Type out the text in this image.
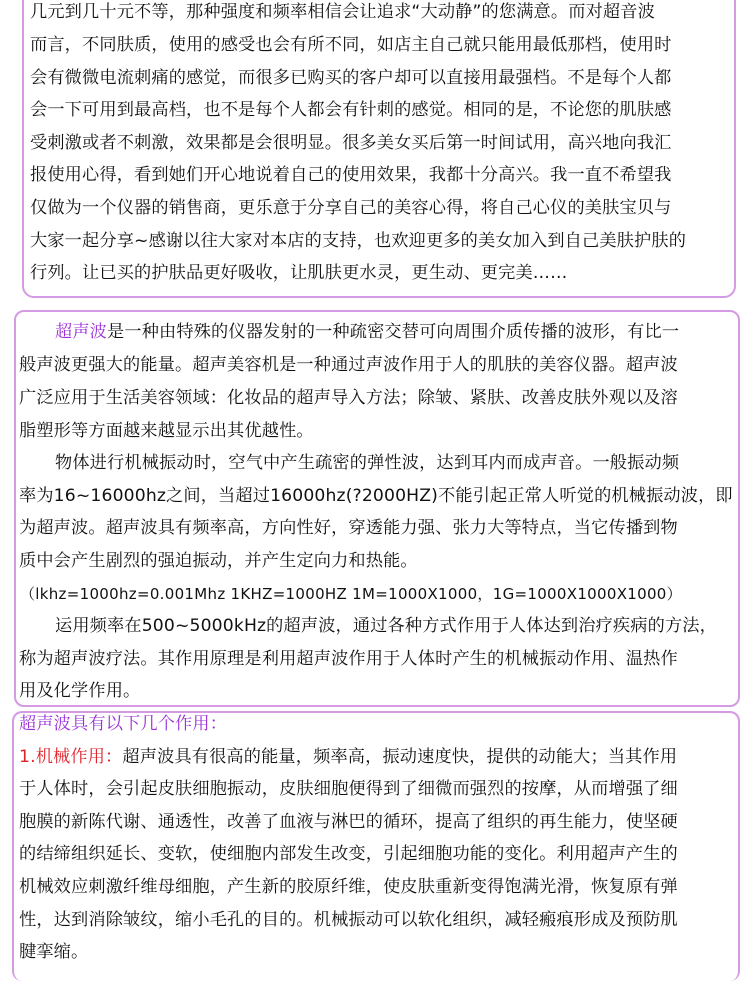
几元到几十元不等，那种强度和频率相信会让追求“大动静”的您满意。而对超音波
而言，不同肤质，使用的感受也会有所不同，如店主自己就只能用最低那档，使用时
会有微微电流刺痛的感觉，而很多已购买的客户却可以直接用最强档。不是每个人都
会一下可用到最高档，也不是每个人都会有针刺的感觉。相同的是，不论您的肌肤感
受刺激或者不刺激，效果都是会很明显。很多美女买后第一时间试用，高兴地向我汇
报使用心得，看到她们开心地说着自己的使用效果，我都十分高兴。我一直不希望我
仅做为一个仪器的销售商，更乐意于分享自己的美容心得，将自己心仪的美肤宝贝与
大家一起分享~感谢以往大家对本店的支持，也欢迎更多的美女加入到自己美肤护肤的
行列。让已买的护肤品更好吸收，让肌肤更水灵，更生动、更完美……
超声波是一种由特殊的仪器发射的一种疏密交替可向周围介质传播的波形，有比一
般声波更强大的能量。超声美容机是一种通过声波作用于人的肌肤的美容仪器。超声波
广泛应用于生活美容领域：化妆品的超声导入方法；除皱、紧肤、改善皮肤外观以及溶
脂塑形等方面越来越显示出其优越性。
物体进行机械振动时，空气中产生疏密的弹性波，达到耳内而成声音。一般振动频
率为16~16000hz之间，当超过16000hz(?2000HZ)不能引起正常人听觉的机械振动波，即
为超声波。超声波具有频率高，方向性好，穿透能力强、张力大等特点，当它传播到物
质中会产生剧烈的强迫振动，并产生定向力和热能。
（lkhz=1000hz=0.001Mhz 1KHZ=1000HZ 1M=1000X1000，1G=1000X1000X1000）
运用频率在500~5000kHz的超声波，通过各种方式作用于人体达到治疗疾病的方法，
称为超声波疗法。其作用原理是利用超声波作用于人体时产生的机械振动作用、温热作
用及化学作用。
超声波具有以下几个作用：
1.机械作用：超声波具有很高的能量，频率高，振动速度快，提供的动能大；当其作用
于人体时，会引起皮肤细胞振动，皮肤细胞便得到了细微而强烈的按摩，从而增强了细
胞膜的新陈代谢、通透性，改善了血液与淋巴的循环，提高了组织的再生能力，使坚硬
的结缔组织延长、变软，使细胞内部发生改变，引起细胞功能的变化。利用超声产生的
机械效应刺激纤维母细胞，产生新的胶原纤维，使皮肤重新变得饱满光滑，恢复原有弹
性，达到消除皱纹，缩小毛孔的目的。机械振动可以软化组织，减轻瘢痕形成及预防肌
腱挛缩。
